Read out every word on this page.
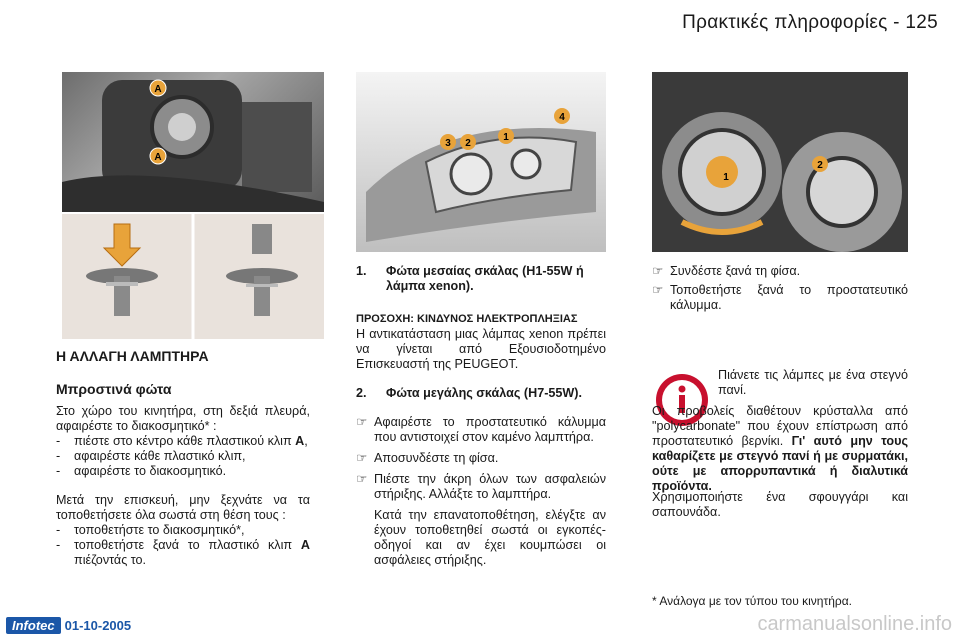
Πρακτικές πληροφορίες - 125
A
A
3 2
1
4
1
2
Η ΑΛΛΑΓΗ ΛΑΜΠΤΗΡΑ
Μπροστινά φώτα
Στο χώρο του κινητήρα, στη δεξιά πλευρά, αφαιρέστε το διακοσμητικό* :
- πιέστε στο κέντρο κάθε πλαστικού κλιπ A,
- αφαιρέστε κάθε πλαστικό κλιπ,
- αφαιρέστε το διακοσμητικό.
Μετά την επισκευή, μην ξεχνάτε να τα τοποθετήσετε όλα σωστά στη θέση τους :
- τοποθετήστε το διακοσμητικό*,
- τοποθετήστε ξανά το πλαστικό κλιπ A πιέζοντάς το.
1. Φώτα μεσαίας σκάλας (H1-55W ή λάμπα xenon).
ΠΡΟΣΟΧΗ: ΚΙΝΔΥΝΟΣ ΗΛΕΚΤΡΟΠΛΗΞΙΑΣ
Η αντικατάσταση μιας λάμπας xenon πρέπει να γίνεται από Εξουσιοδοτημένο Επισκευαστή της PEUGEOT.
2. Φώτα μεγάλης σκάλας (H7-55W).
☞ Αφαιρέστε το προστατευτικό κάλυμμα που αντιστοιχεί στον καμένο λαμπτήρα.
☞ Αποσυνδέστε τη φίσα.
☞ Πιέστε την άκρη όλων των ασφαλειών στήριξης. Αλλάξτε το λαμπτήρα.
Κατά την επανατοποθέτηση, ελέγξτε αν έχουν τοποθετηθεί σωστά οι εγκοπές-οδηγοί και αν έχει κουμπώσει οι ασφάλειες στήριξης.
☞ Συνδέστε ξανά τη φίσα.
☞ Τοποθετήστε ξανά το προστατευτικό κάλυμμα.
Πιάνετε τις λάμπες με ένα στεγνό πανί.
Οι προβολείς διαθέτουν κρύσταλλα από "polycarbonate" που έχουν επίστρωση από προστατευτικό βερνίκι. Γι' αυτό μην τους καθαρίζετε με στεγνό πανί ή με συρματάκι, ούτε με απορρυπαντικά ή διαλυτικά προϊόντα.
Χρησιμοποιήστε ένα σφουγγάρι και σαπουνάδα.
* Ανάλογα με τον τύπου του κινητήρα.
Infotec 01-10-2005	carmanualsonline.info
